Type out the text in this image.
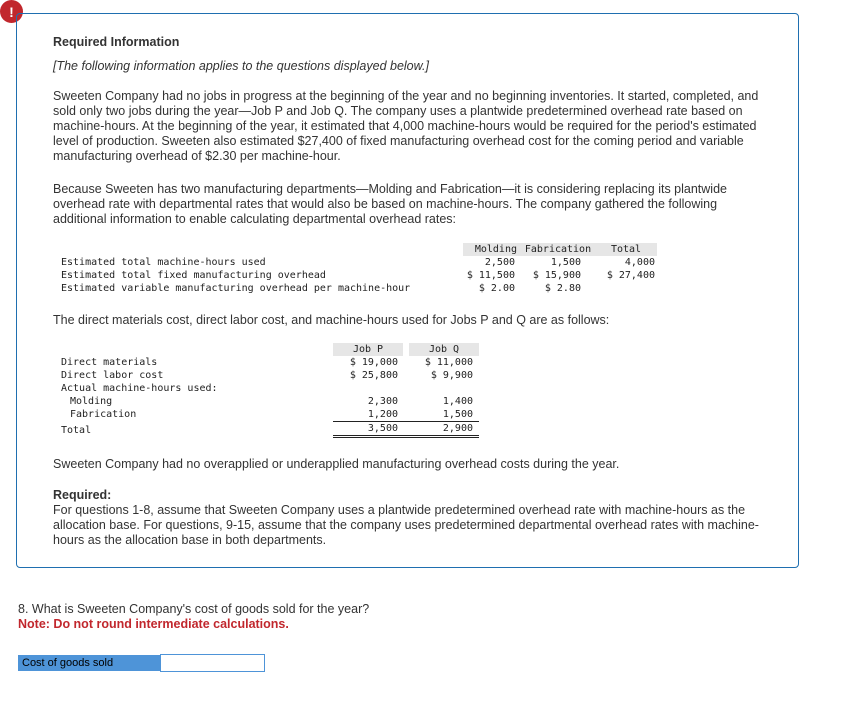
!
Required Information
[The following information applies to the questions displayed below.]

Sweeten Company had no jobs in progress at the beginning of the year and no beginning inventories. It started, completed, and sold only two jobs during the year—Job P and Job Q. The company uses a plantwide predetermined overhead rate based on machine-hours. At the beginning of the year, it estimated that 4,000 machine-hours would be required for the period's estimated level of production. Sweeten also estimated $27,400 of fixed manufacturing overhead cost for the coming period and variable manufacturing overhead of $2.30 per machine-hour.

Because Sweeten has two manufacturing departments—Molding and Fabrication—it is considering replacing its plantwide overhead rate with departmental rates that would also be based on machine-hours. The company gathered the following additional information to enable calculating departmental overhead rates:

	Molding	Fabrication	Total
Estimated total machine-hours used	2,500	1,500	4,000
Estimated total fixed manufacturing overhead	$ 11,500	$ 15,900	$ 27,400
Estimated variable manufacturing overhead per machine-hour	$ 2.00	$ 2.80	

The direct materials cost, direct labor cost, and machine-hours used for Jobs P and Q are as follows:

	Job P	Job Q
Direct materials	$ 19,000	$ 11,000
Direct labor cost	$ 25,800	$ 9,900
Actual machine-hours used:		
Molding	2,300	1,400
Fabrication	1,200	1,500
Total	3,500	2,900

Sweeten Company had no overapplied or underapplied manufacturing overhead costs during the year.

Required:

For questions 1-8, assume that Sweeten Company uses a plantwide predetermined overhead rate with machine-hours as the allocation base. For questions, 9-15, assume that the company uses predetermined departmental overhead rates with machine-hours as the allocation base in both departments.

8. What is Sweeten Company's cost of goods sold for the year?
Note: Do not round intermediate calculations.
Cost of goods sold
